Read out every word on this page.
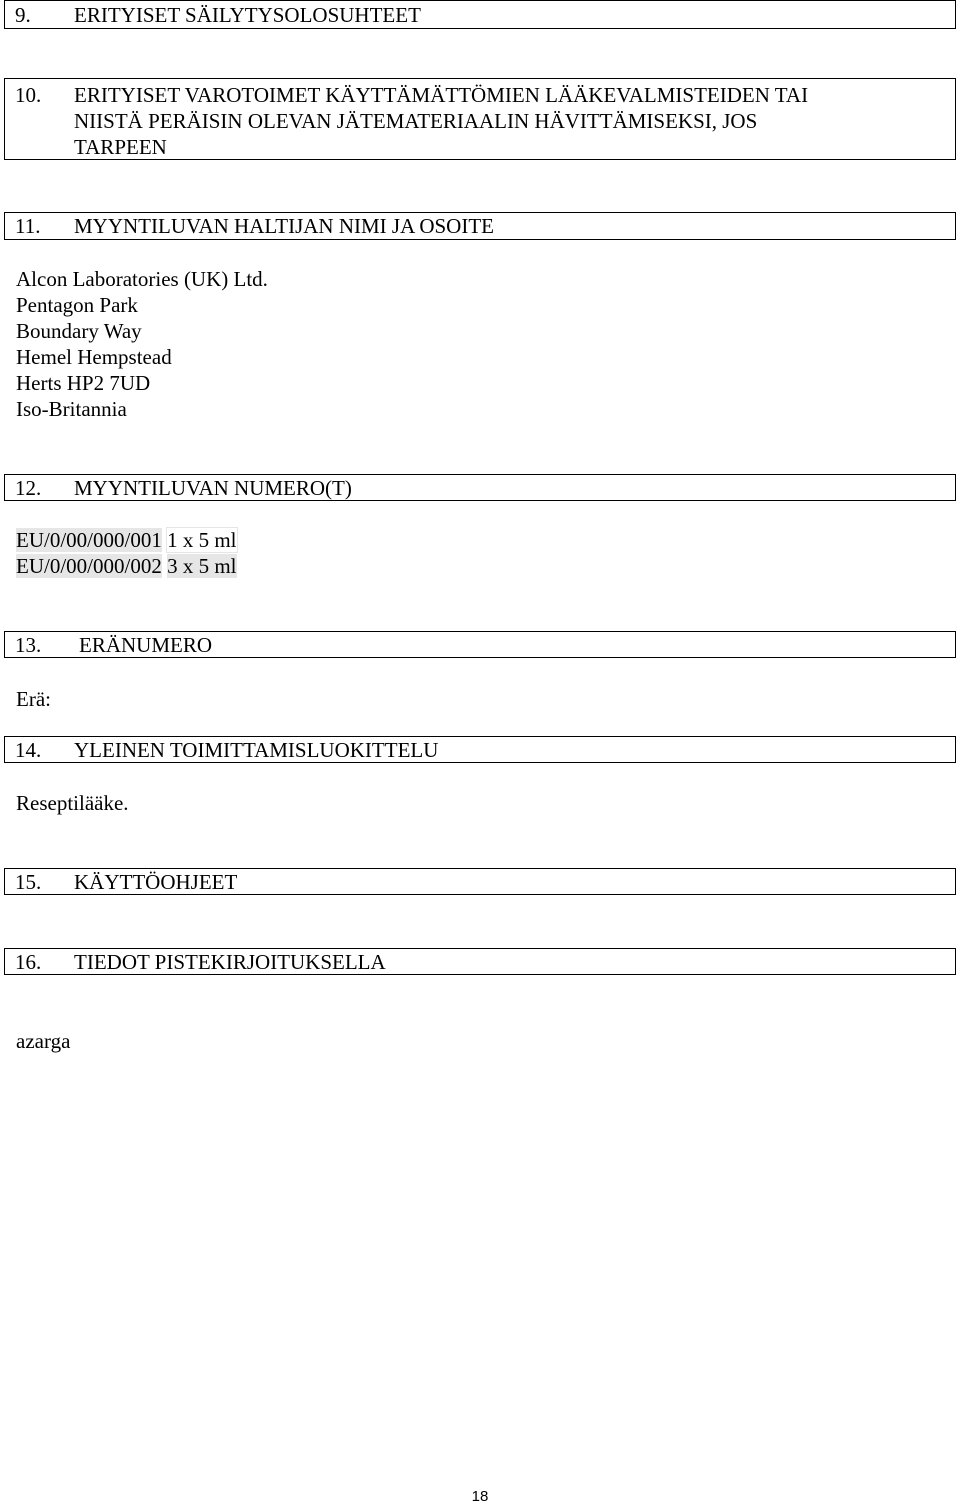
9. ERITYISET SÄILYTYSOLOSUHTEET
10. ERITYISET VAROTOIMET KÄYTTÄMÄTTÖMIEN LÄÄKEVALMISTEIDEN TAI
NIISTÄ PERÄISIN OLEVAN JÄTEMATERIAALIN HÄVITTÄMISEKSI, JOS
TARPEEN
11. MYYNTILUVAN HALTIJAN NIMI JA OSOITE
Alcon Laboratories (UK) Ltd.
Pentagon Park
Boundary Way
Hemel Hempstead
Herts HP2 7UD
Iso-Britannia
12. MYYNTILUVAN NUMERO(T)
EU/0/00/000/001 1 x 5 ml
EU/0/00/000/002 3 x 5 ml
13. ERÄNUMERO
Erä:
14. YLEINEN TOIMITTAMISLUOKITTELU
Reseptilääke.
15. KÄYTTÖOHJEET
16. TIEDOT PISTEKIRJOITUKSELLA
azarga
18
